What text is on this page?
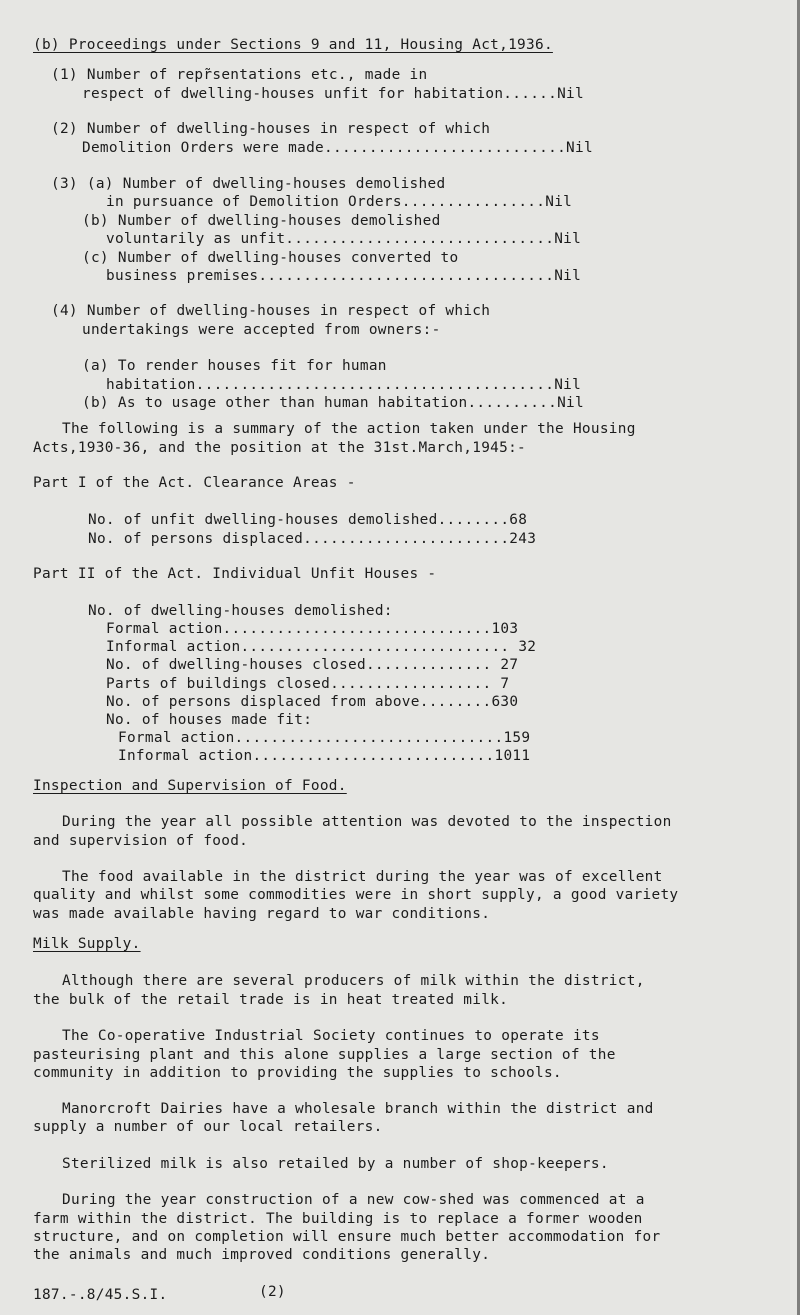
(b) Proceedings under Sections 9 and 11, Housing Act,1936.
(1) Number of repr̃sentations etc., made in
respect of dwelling-houses unfit for habitation......Nil
(2) Number of dwelling-houses in respect of which
Demolition Orders were made...........................Nil
(3) (a) Number of dwelling-houses demolished
in pursuance of Demolition Orders................Nil
(b) Number of dwelling-houses demolished
voluntarily as unfit..............................Nil
(c) Number of dwelling-houses converted to
business premises.................................Nil
(4) Number of dwelling-houses in respect of which
undertakings were accepted from owners:-
(a) To render houses fit for human
habitation........................................Nil
(b) As to usage other than human habitation..........Nil
The following is a summary of the action taken under the Housing
Acts,1930-36, and the position at the 31st.March,1945:-
Part I of the Act. Clearance Areas -
No. of unfit dwelling-houses demolished........68
No. of persons displaced.......................243
Part II of the Act. Individual Unfit Houses -
No. of dwelling-houses demolished:
Formal action..............................103
Informal action.............................. 32
No. of dwelling-houses closed.............. 27
Parts of buildings closed.................. 7
No. of persons displaced from above........630
No. of houses made fit:
Formal action..............................159
Informal action...........................1011
Inspection and Supervision of Food.
During the year all possible attention was devoted to the inspection
and supervision of food.
The food available in the district during the year was of excellent
quality and whilst some commodities were in short supply, a good variety
was made available having regard to war conditions.
Milk Supply.
Although there are several producers of milk within the district,
the bulk of the retail trade is in heat treated milk.
The Co-operative Industrial Society continues to operate its
pasteurising plant and this alone supplies a large section of the
community in addition to providing the supplies to schools.
Manorcroft Dairies have a wholesale branch within the district and
supply a number of our local retailers.
Sterilized milk is also retailed by a number of shop-keepers.
During the year construction of a new cow-shed was commenced at a
farm within the district. The building is to replace a former wooden
structure, and on completion will ensure much better accommodation for
the animals and much improved conditions generally.
187.-.8/45.S.I.	(2)
